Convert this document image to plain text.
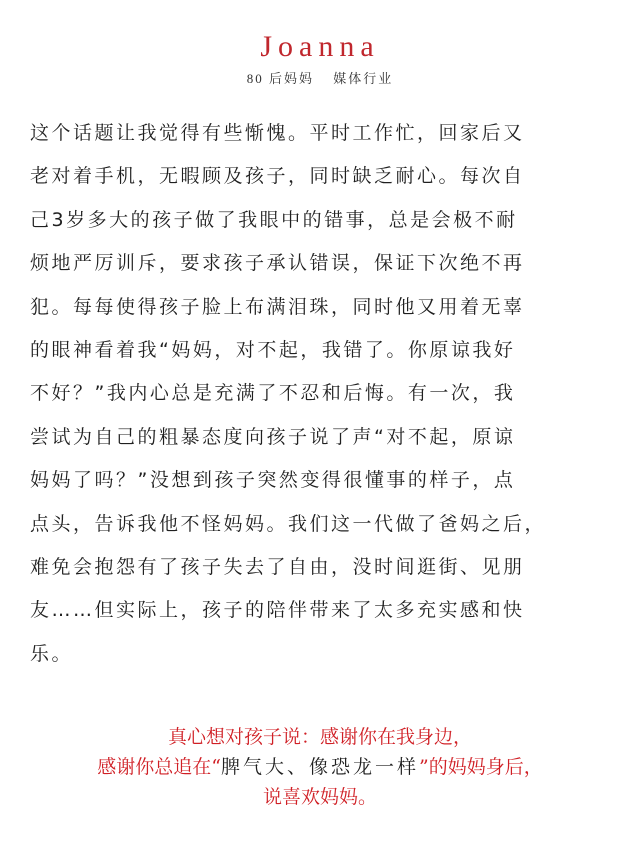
Joanna
80 后妈妈 媒体行业
这个话题让我觉得有些惭愧。平时工作忙，回家后又
老对着手机，无暇顾及孩子，同时缺乏耐心。每次自
己3岁多大的孩子做了我眼中的错事，总是会极不耐
烦地严厉训斥，要求孩子承认错误，保证下次绝不再
犯。每每使得孩子脸上布满泪珠，同时他又用着无辜
的眼神看着我“妈妈，对不起，我错了。你原谅我好
不好？”我内心总是充满了不忍和后悔。有一次，我
尝试为自己的粗暴态度向孩子说了声“对不起，原谅
妈妈了吗？”没想到孩子突然变得很懂事的样子，点
点头，告诉我他不怪妈妈。我们这一代做了爸妈之后，
难免会抱怨有了孩子失去了自由，没时间逛街、见朋
友……但实际上，孩子的陪伴带来了太多充实感和快
乐。
真心想对孩子说：感谢你在我身边，
感谢你总追在“脾气大、像恐龙一样”的妈妈身后，
说喜欢妈妈。
